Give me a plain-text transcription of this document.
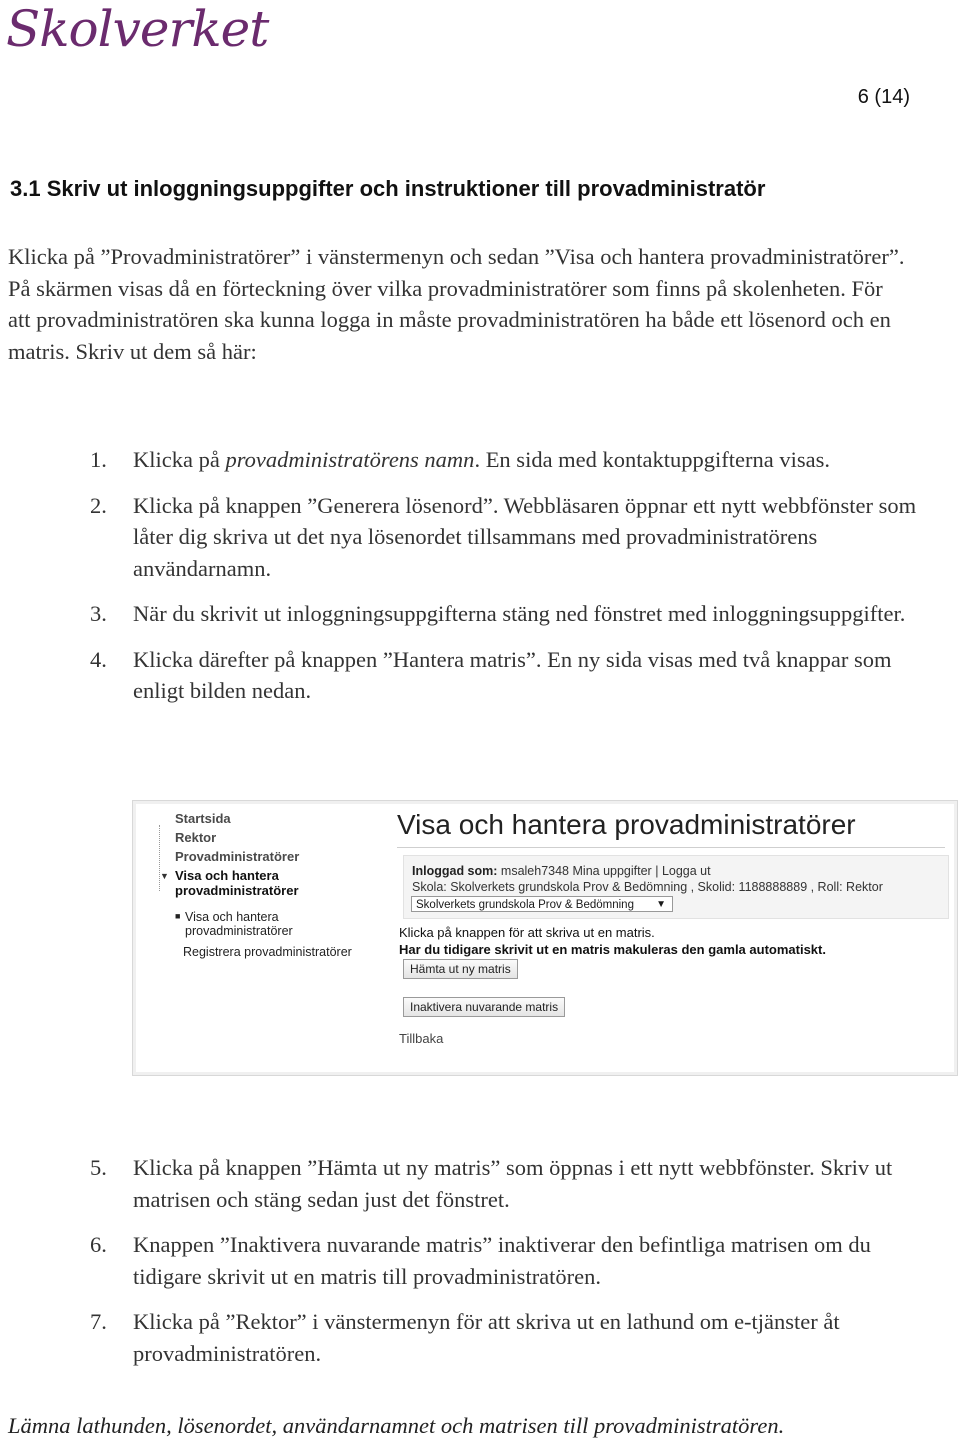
Skolverket
6 (14)
3.1 Skriv ut inloggningsuppgifter och instruktioner till provadministratör
Klicka på ”Provadministratörer” i vänstermenyn och sedan ”Visa och hantera provadministratörer”. På skärmen visas då en förteckning över vilka provadministratörer som finns på skolenheten. För att provadministratören ska kunna logga in måste provadministratören ha både ett lösenord och en matris. Skriv ut dem så här:
1.	Klicka på provadministratörens namn. En sida med kontaktuppgifterna visas.
2.	Klicka på knappen ”Generera lösenord”. Webbläsaren öppnar ett nytt webbfönster som låter dig skriva ut det nya lösenordet tillsammans med provadministratörens användarnamn.
3.	När du skrivit ut inloggningsuppgifterna stäng ned fönstret med inloggningsuppgifter.
4.	Klicka därefter på knappen ”Hantera matris”. En ny sida visas med två knappar som enligt bilden nedan.
Startsida
Rektor
Provadministratörer
▼ Visa och hantera provadministratörer
■ Visa och hantera provadministratörer
Registrera provadministratörer
Visa och hantera provadministratörer
Inloggad som: msaleh7348 Mina uppgifter | Logga ut
Skola: Skolverkets grundskola Prov & Bedömning , Skolid: 1188888889 , Roll: Rektor
Skolverkets grundskola Prov & Bedömning ▼
Klicka på knappen för att skriva ut en matris.
Har du tidigare skrivit ut en matris makuleras den gamla automatiskt.
Hämta ut ny matris
Inaktivera nuvarande matris
Tillbaka
5.	Klicka på knappen ”Hämta ut ny matris” som öppnas i ett nytt webbfönster. Skriv ut matrisen och stäng sedan just det fönstret.
6.	Knappen ”Inaktivera nuvarande matris” inaktiverar den befintliga matrisen om du tidigare skrivit ut en matris till provadministratören.
7.	Klicka på ”Rektor” i vänstermenyn för att skriva ut en lathund om e-tjänster åt provadministratören.
Lämna lathunden, lösenordet, användarnamnet och matrisen till provadministratören.
